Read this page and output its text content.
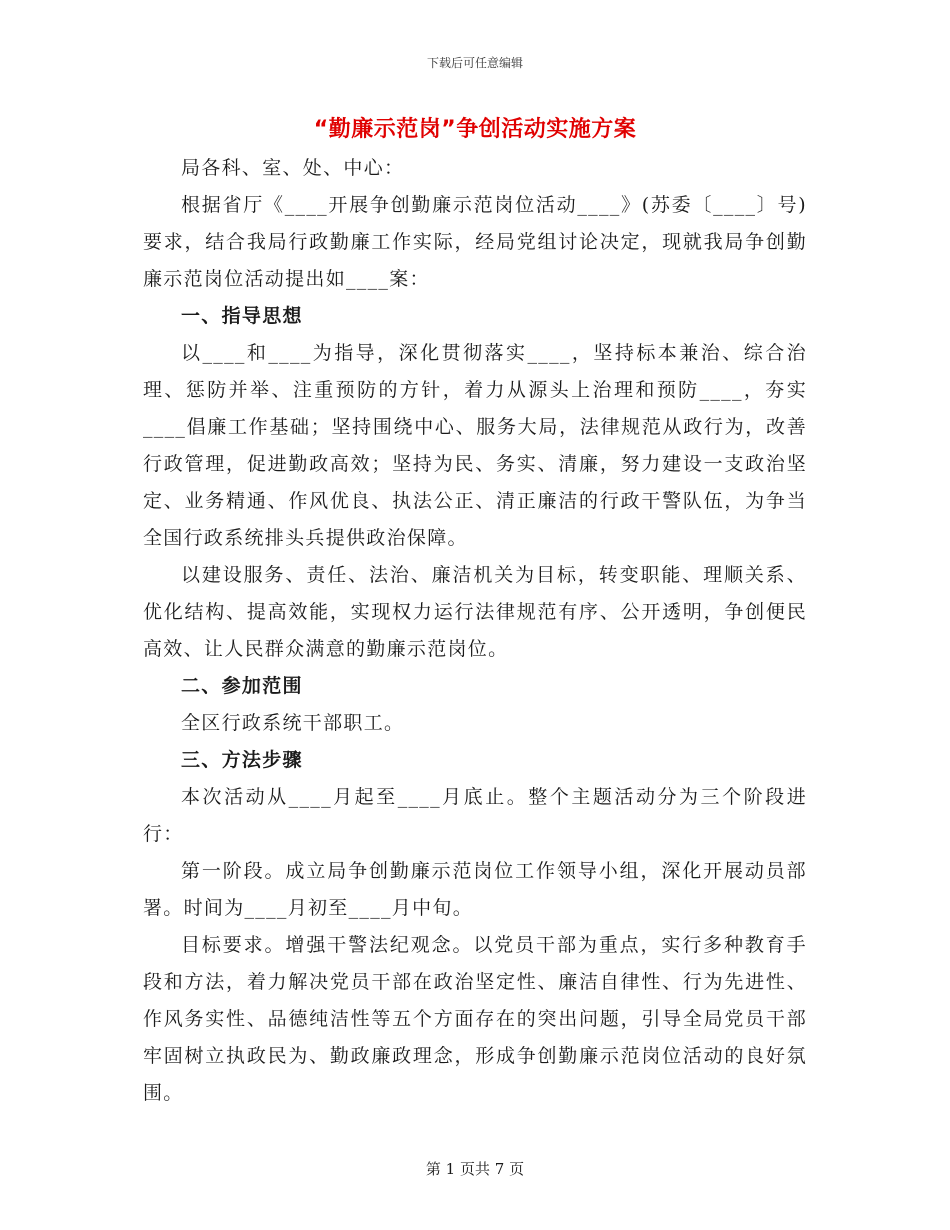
下载后可任意编辑
“勤廉示范岗”争创活动实施方案

局各科、室、处、中心：

根据省厅《____开展争创勤廉示范岗位活动____》(苏委〔____〕号)要求，结合我局行政勤廉工作实际，经局党组讨论决定，现就我局争创勤廉示范岗位活动提出如____案：

一、指导思想

以____和____为指导，深化贯彻落实____，坚持标本兼治、综合治理、惩防并举、注重预防的方针，着力从源头上治理和预防____，夯实____倡廉工作基础；坚持围绕中心、服务大局，法律规范从政行为，改善行政管理，促进勤政高效；坚持为民、务实、清廉，努力建设一支政治坚定、业务精通、作风优良、执法公正、清正廉洁的行政干警队伍，为争当全国行政系统排头兵提供政治保障。

以建设服务、责任、法治、廉洁机关为目标，转变职能、理顺关系、优化结构、提高效能，实现权力运行法律规范有序、公开透明，争创便民高效、让人民群众满意的勤廉示范岗位。

二、参加范围

全区行政系统干部职工。

三、方法步骤

本次活动从____月起至____月底止。整个主题活动分为三个阶段进行：

第一阶段。成立局争创勤廉示范岗位工作领导小组，深化开展动员部署。时间为____月初至____月中旬。

目标要求。增强干警法纪观念。以党员干部为重点，实行多种教育手段和方法，着力解决党员干部在政治坚定性、廉洁自律性、行为先进性、作风务实性、品德纯洁性等五个方面存在的突出问题，引导全局党员干部牢固树立执政民为、勤政廉政理念，形成争创勤廉示范岗位活动的良好氛围。

第 1 页共 7 页
